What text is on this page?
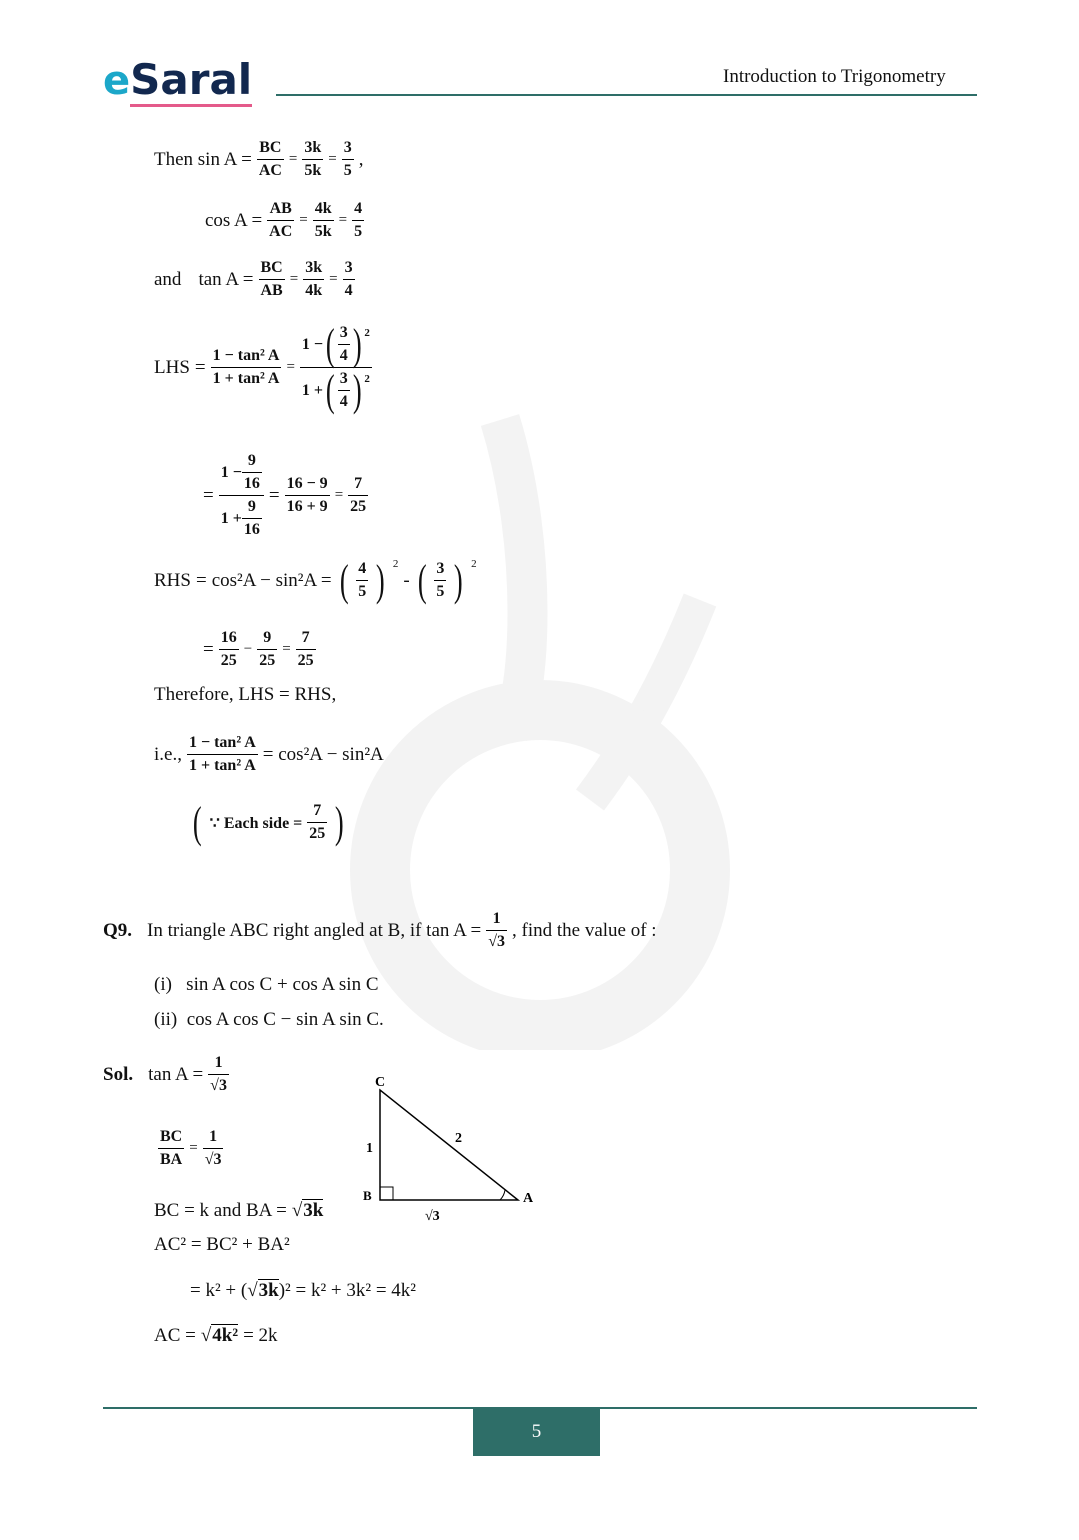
e Saral	Introduction to Trigonometry
Then $\sin A = \frac{BC}{AC} = \frac{3k}{5k} = \frac{3}{5}$ ,
$\cos A = \frac{AB}{AC} = \frac{4k}{5k} = \frac{4}{5}$
and $\tan A = \frac{BC}{AB} = \frac{3k}{4k} = \frac{3}{4}$
LHS = $\frac{\text{1 − tan² A}}{\text{1 + tan² A}} = 1$ − ( 3
4 ) $^2$
1 + ( 3
4 ) $^2$
= $\frac{1 - \frac{9}{16}}{1 + \frac{9}{16}} = \frac{16 - 9}{16 + 9} = \frac{7}{25}$
RHS = cos²A − sin²A = ( 4
5 ) $^2$
- ( 3
5 ) $^2$
= $\frac{16}{25} - \frac{9}{25} = \frac{7}{25}$
Therefore, LHS = RHS,
i.e., $\frac{\text{1 − tan² A}}{\text{1 + tan² A}} = \cos^2A - \sin^2A$
( ∵ Each side = $\frac{7}{25}$ )
Q9. In triangle ABC right angled at B, if $\tan A = \frac{1}{√3}$ , find the value of :
(i)   sin A cos C + cos A sin C
(ii)  cos A cos C − sin A sin C.
Sol. $\tan A = \frac{1}{√3}$
$\frac{BC}{BA} = \frac{1}{√3}$
BC = k and BA = √3k
AC² = BC² + BA²
= k² + ( √ 3k )² = k² + 3k² = 4k²
AC = √4k² = 2k
C
B	A
1
2
√3
5
